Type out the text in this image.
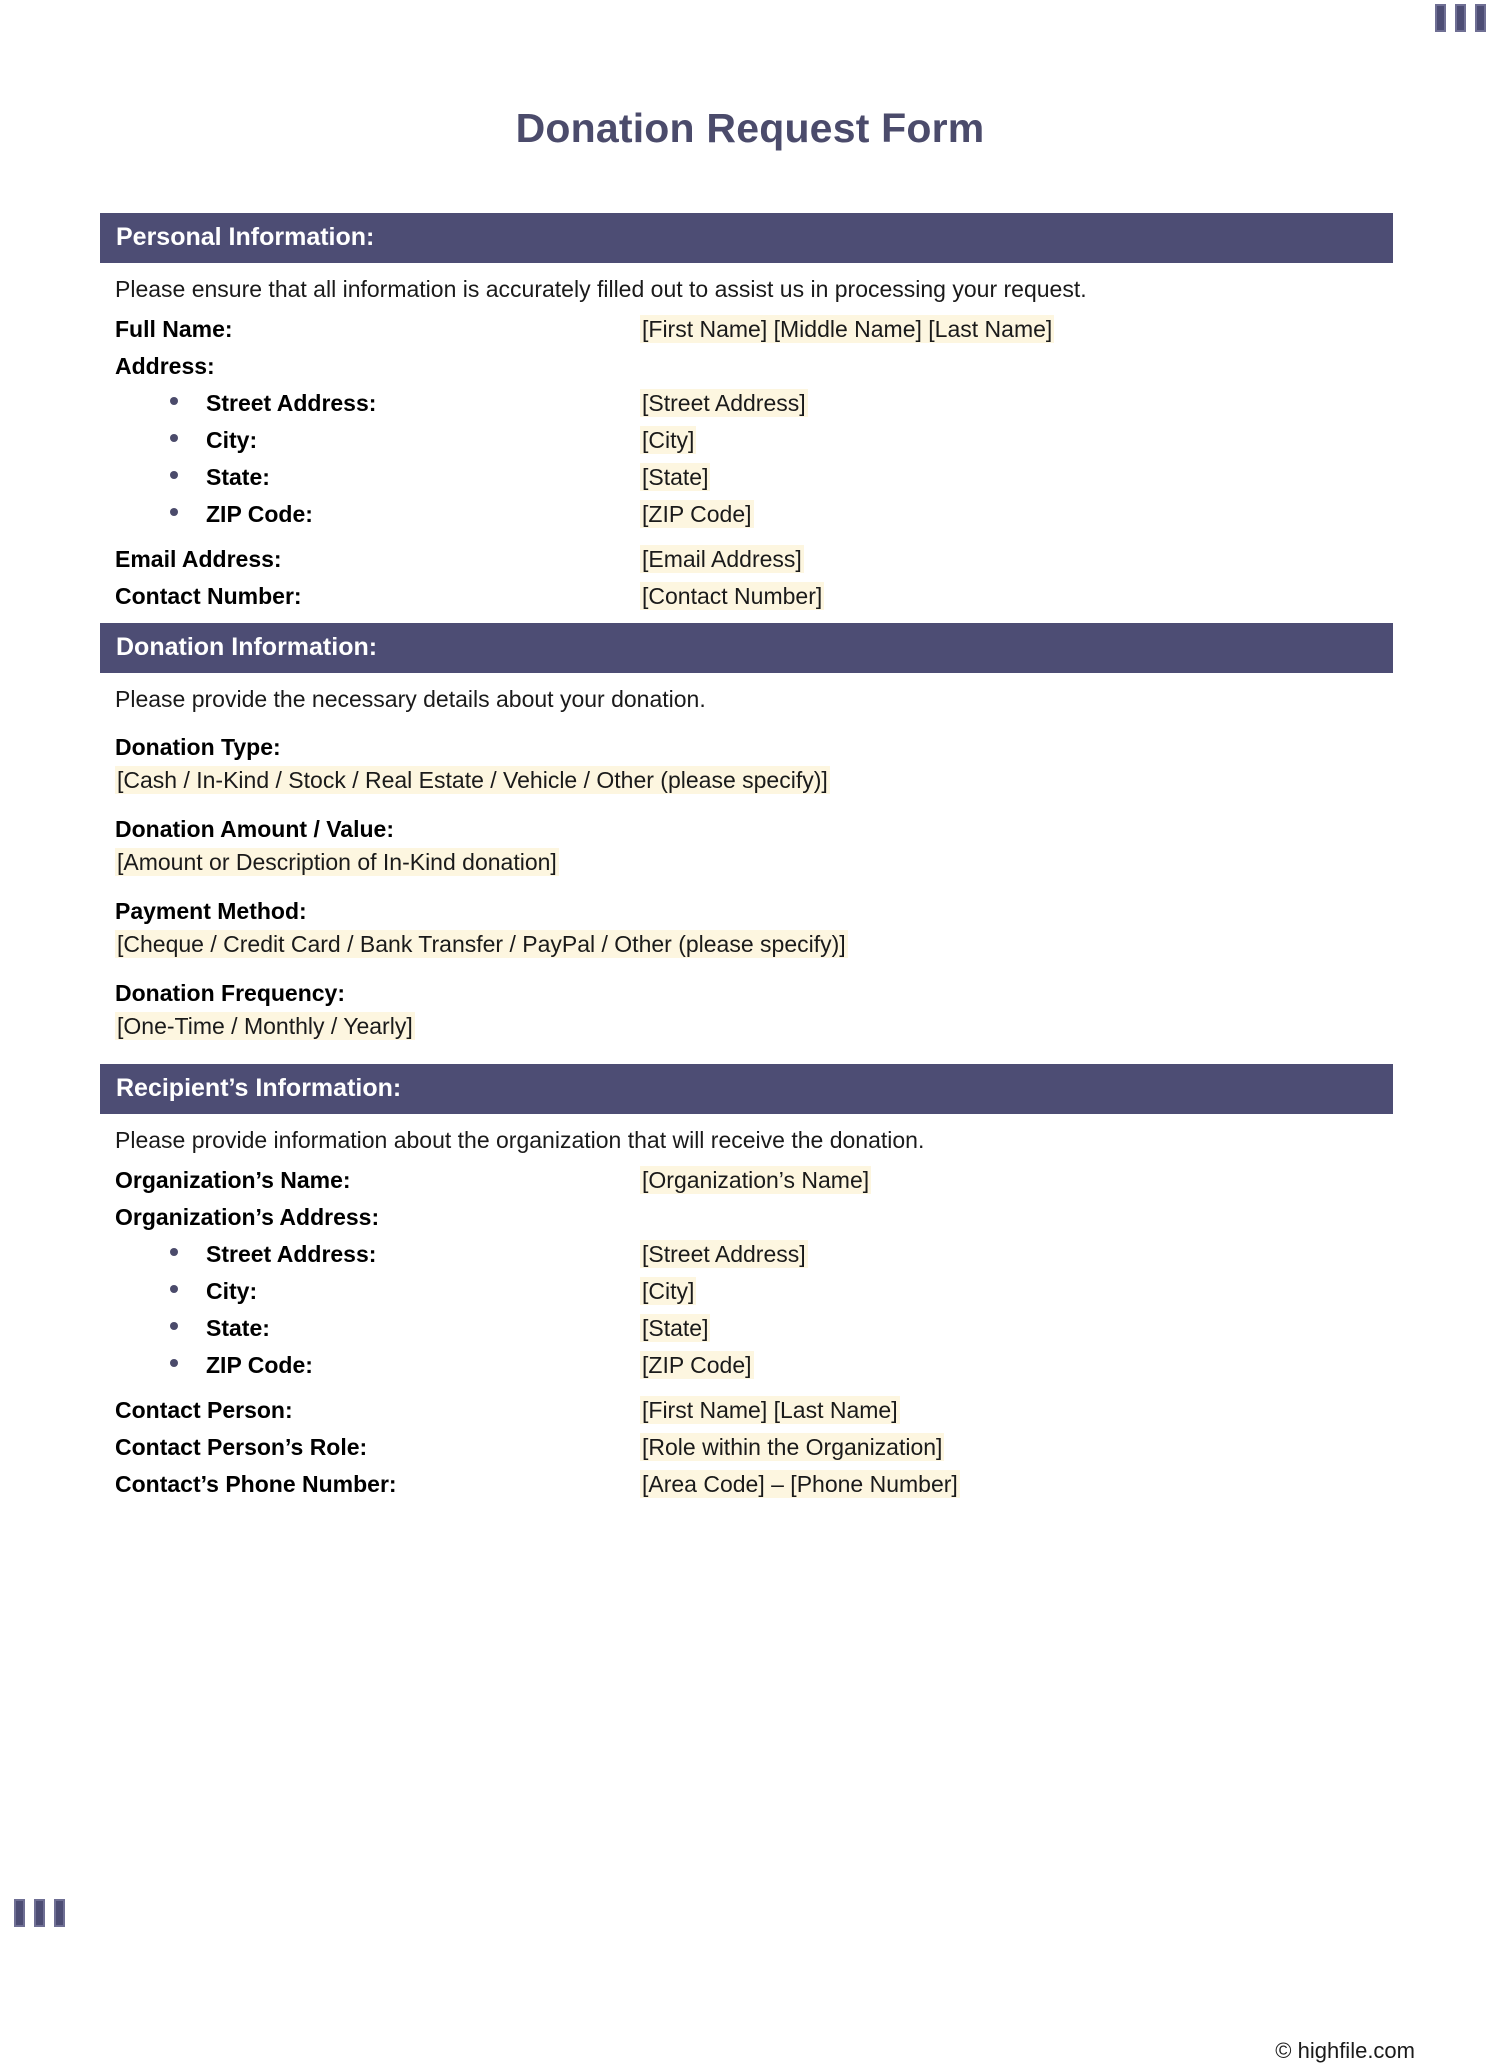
Donation Request Form
Personal Information:
Please ensure that all information is accurately filled out to assist us in processing your request.
Full Name:	[First Name] [Middle Name] [Last Name]
Address:
Street Address:	[Street Address]
City:	[City]
State:	[State]
ZIP Code:	[ZIP Code]
Email Address:	[Email Address]
Contact Number:	[Contact Number]
Donation Information:
Please provide the necessary details about your donation.
Donation Type:
[Cash / In-Kind / Stock / Real Estate / Vehicle / Other (please specify)]
Donation Amount / Value:
[Amount or Description of In-Kind donation]
Payment Method:
[Cheque / Credit Card / Bank Transfer / PayPal / Other (please specify)]
Donation Frequency:
[One-Time / Monthly / Yearly]
Recipient’s Information:
Please provide information about the organization that will receive the donation.
Organization’s Name:	[Organization’s Name]
Organization’s Address:
Street Address:	[Street Address]
City:	[City]
State:	[State]
ZIP Code:	[ZIP Code]
Contact Person:	[First Name] [Last Name]
Contact Person’s Role:	[Role within the Organization]
Contact’s Phone Number:	[Area Code] – [Phone Number]
© highfile.com
